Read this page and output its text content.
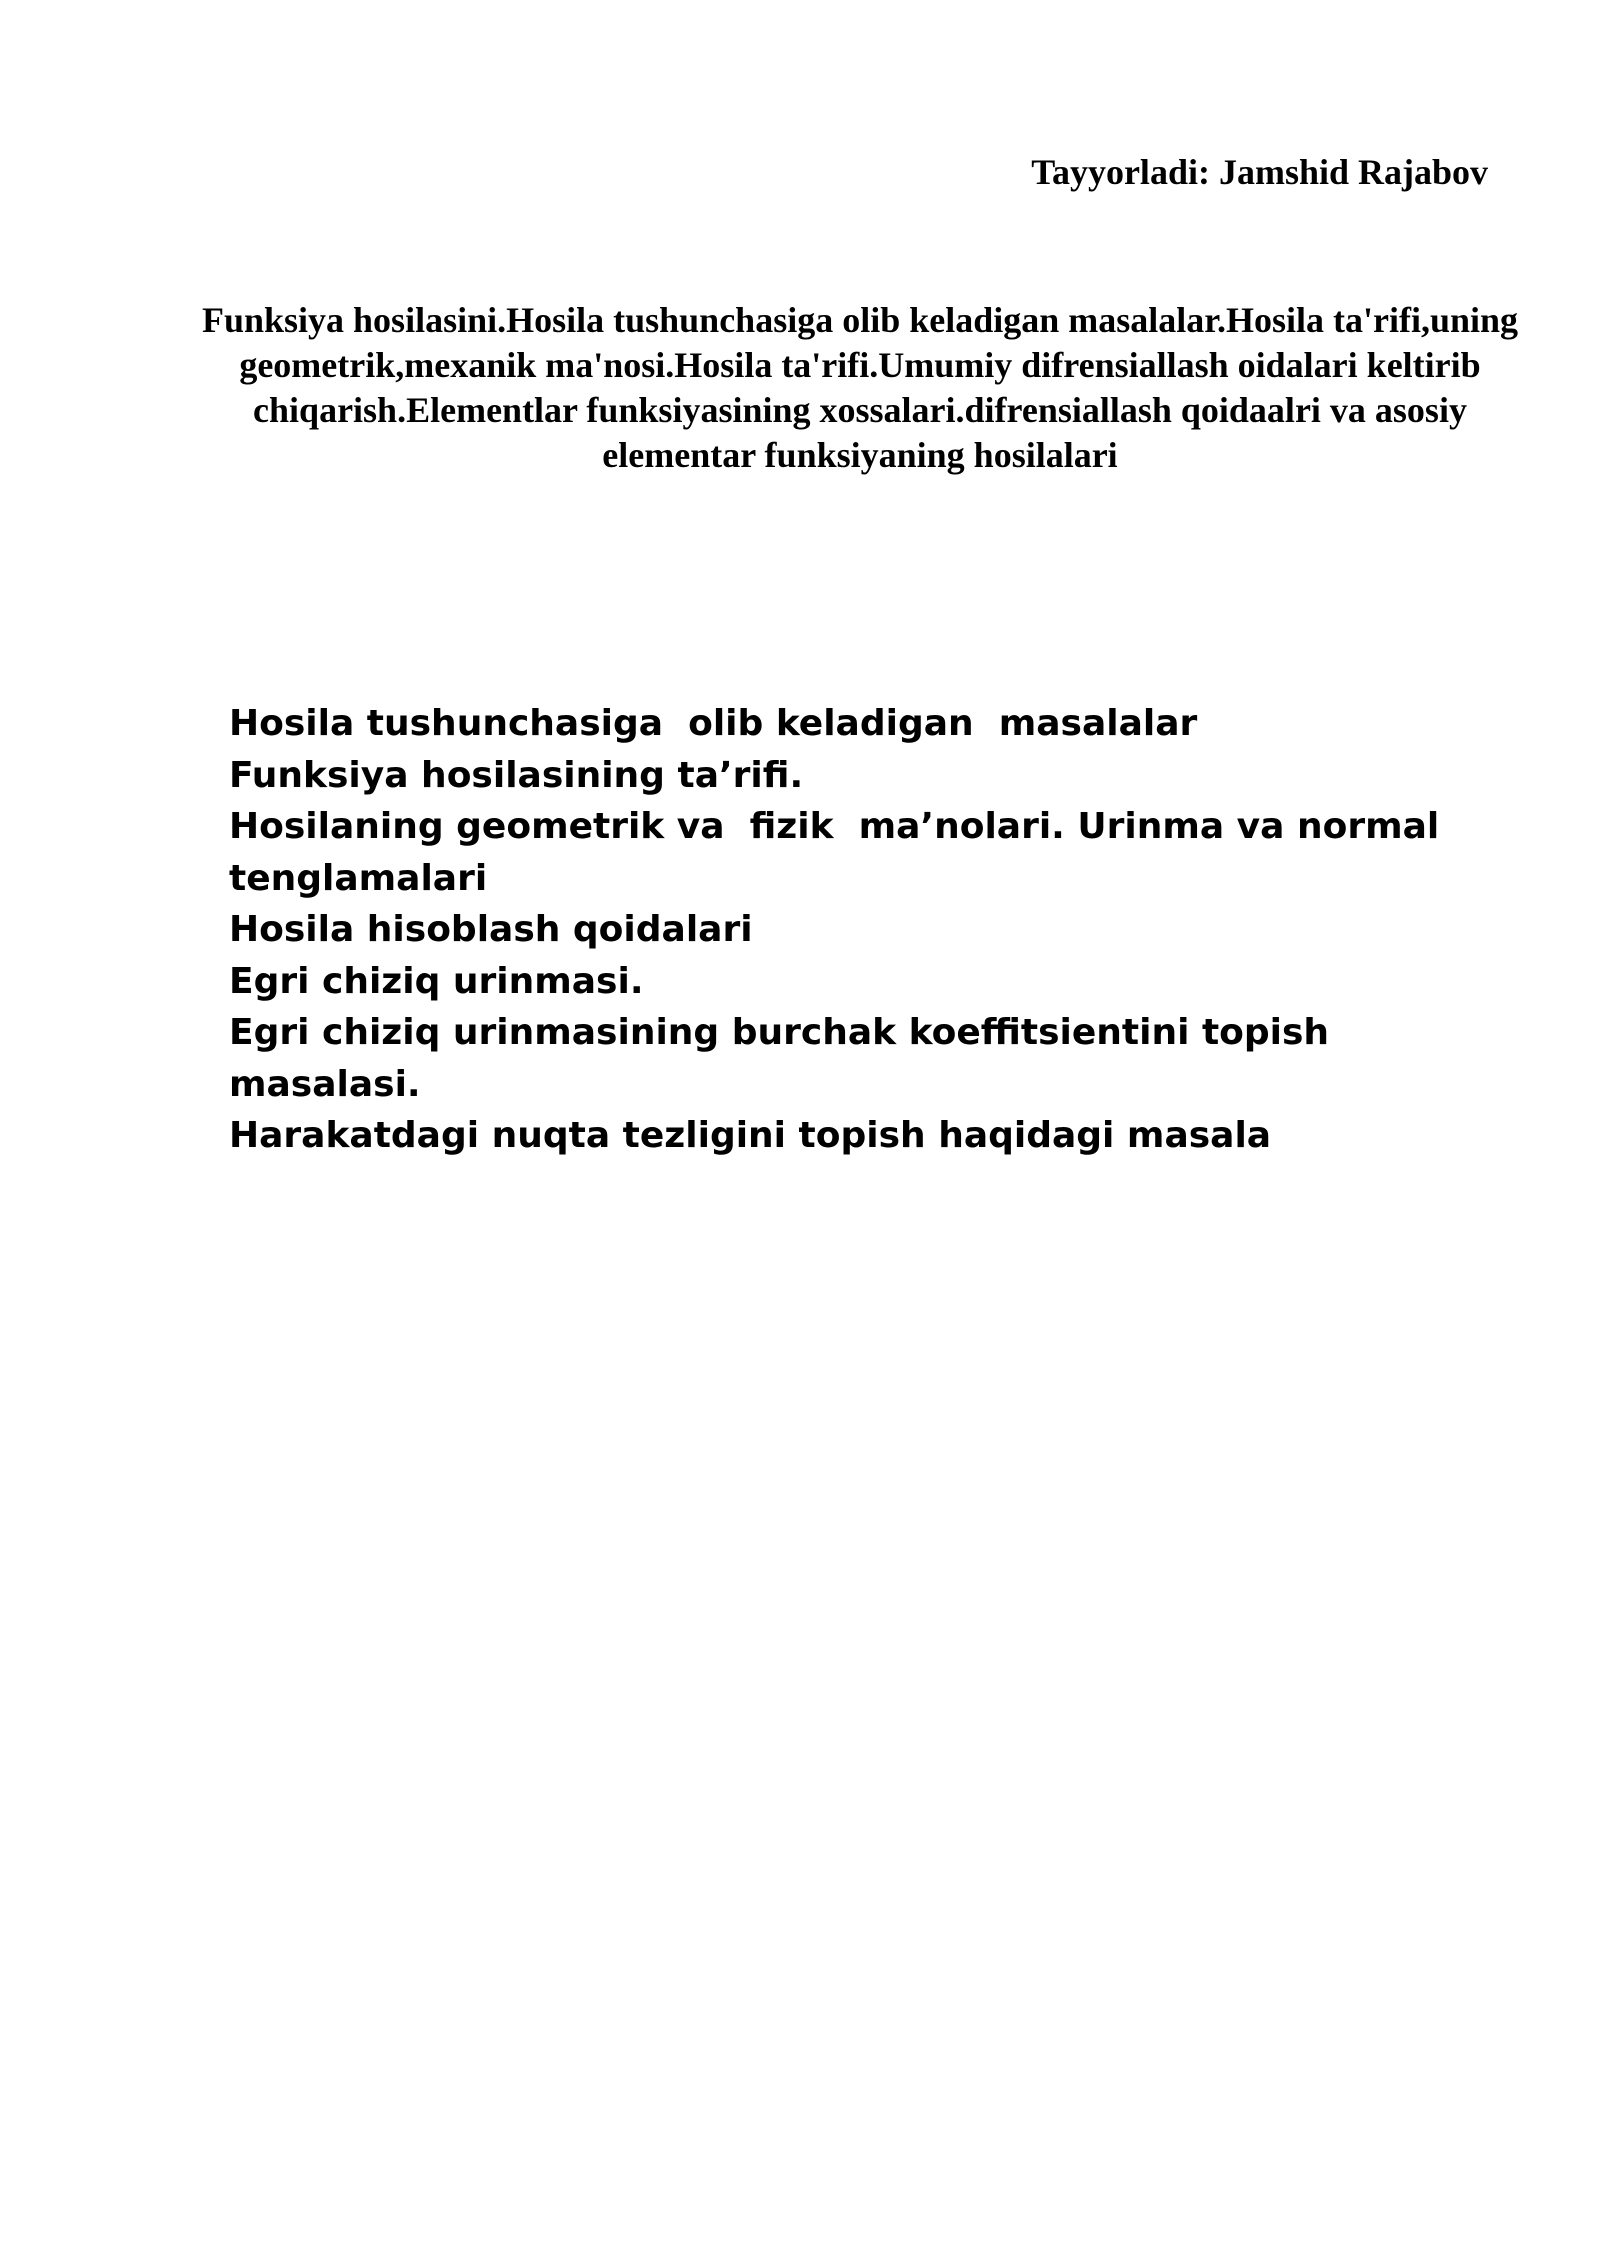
Tayyorladi: Jamshid Rajabov
Funksiya hosilasini.Hosila tushunchasiga olib keladigan masalalar.Hosila ta'rifi,uning geometrik,mexanik ma'nosi.Hosila ta'rifi.Umumiy difrensiallash oidalari keltirib chiqarish.Elementlar funksiyasining xossalari.difrensiallash qoidaalri va asosiy elementar funksiyaning hosilalari
Hosila tushunchasiga  olib keladigan  masalalar
Funksiya hosilasining ta’rifi.
Hosilaning geometrik va  fizik  ma’nolari. Urinma va normal tenglamalari
Hosila hisoblash qoidalari
Egri chiziq urinmasi.
Egri chiziq urinmasining burchak koeffitsientini topish masalasi.
Harakatdagi nuqta tezligini topish haqidagi masala
